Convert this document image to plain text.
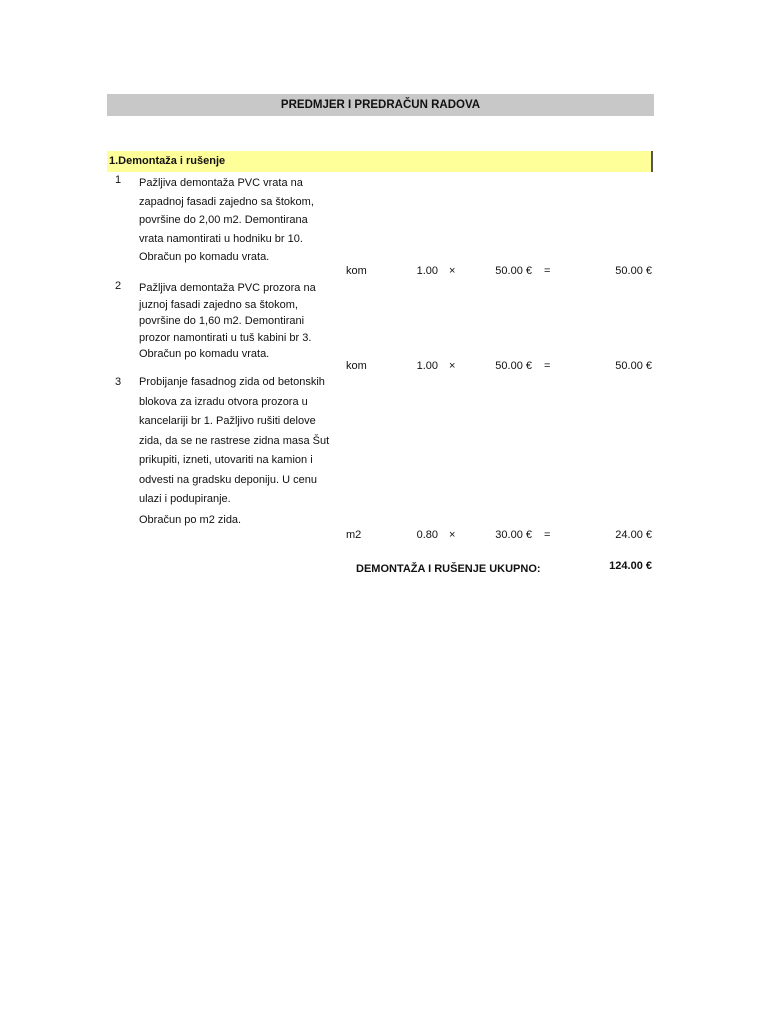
PREDMJER I PREDRAČUN RADOVA
1.Demontaža i rušenje
1 Pažljiva demontaža PVC vrata na

zapadnoj fasadi zajedno sa štokom,

površine do 2,00 m2. Demontirana

vrata namontirati u hodniku br 10.

Obračun po komadu vrata.

kom	1.00 ×	50.00 € =	50.00 €
2 Pažljiva demontaža PVC prozora na

juznoj fasadi zajedno sa štokom,

površine do 1,60 m2. Demontirani

prozor namontirati u tuš kabini br 3.

Obračun po komadu vrata.

kom	1.00 ×	50.00 € =	50.00 €
3 Probijanje fasadnog zida od betonskih

blokova za izradu otvora prozora u

kancelariji br 1. Pažljivo rušiti delove

zida, da se ne rastrese zidna masa Šut

prikupiti, izneti, utovariti na kamion i

odvesti na gradsku deponiju. U cenu

ulazi i podupiranje.

Obračun po m2 zida.

m2	0.80 ×	30.00 € =	24.00 €
DEMONTAŽA I RUŠENJE UKUPNO:	124.00 €
